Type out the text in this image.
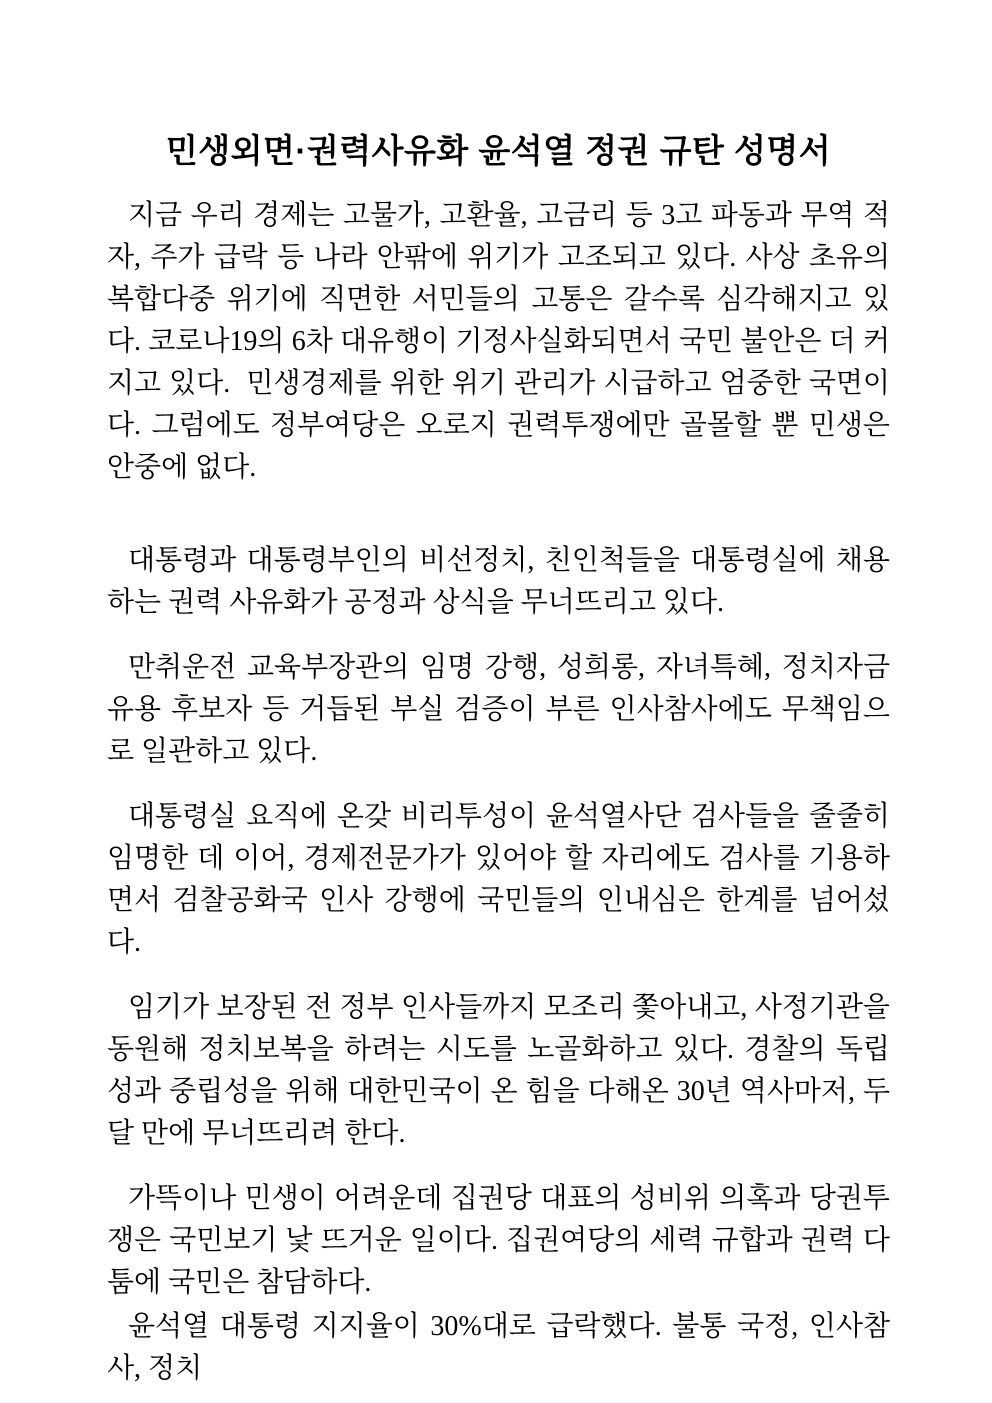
민생외면·권력사유화 윤석열 정권 규탄 성명서

지금 우리 경제는 고물가, 고환율, 고금리 등 3고 파동과 무역 적자, 주가 급락 등 나라 안팎에 위기가 고조되고 있다. 사상 초유의 복합다중 위기에 직면한 서민들의 고통은 갈수록 심각해지고 있다. 코로나19의 6차 대유행이 기정사실화되면서 국민 불안은 더 커지고 있다.  민생경제를 위한 위기 관리가 시급하고 엄중한 국면이다. 그럼에도 정부여당은 오로지 권력투쟁에만 골몰할 뿐 민생은 안중에 없다.

대통령과 대통령부인의 비선정치, 친인척들을 대통령실에 채용하는 권력 사유화가 공정과 상식을 무너뜨리고 있다.

만취운전 교육부장관의 임명 강행, 성희롱, 자녀특혜, 정치자금 유용 후보자 등 거듭된 부실 검증이 부른 인사참사에도 무책임으로 일관하고 있다.

대통령실 요직에 온갖 비리투성이 윤석열사단 검사들을 줄줄히 임명한 데 이어, 경제전문가가 있어야 할 자리에도 검사를 기용하면서 검찰공화국 인사 강행에 국민들의 인내심은 한계를 넘어섰다.

임기가 보장된 전 정부 인사들까지 모조리 쫓아내고, 사정기관을 동원해 정치보복을 하려는 시도를 노골화하고 있다. 경찰의 독립성과 중립성을 위해 대한민국이 온 힘을 다해온 30년 역사마저, 두달 만에 무너뜨리려 한다.

가뜩이나 민생이 어려운데 집권당 대표의 성비위 의혹과 당권투쟁은 국민보기 낯 뜨거운 일이다. 집권여당의 세력 규합과 권력 다툼에 국민은 참담하다.

윤석열 대통령 지지율이 30%대로 급락했다. 불통 국정, 인사참사, 정치
